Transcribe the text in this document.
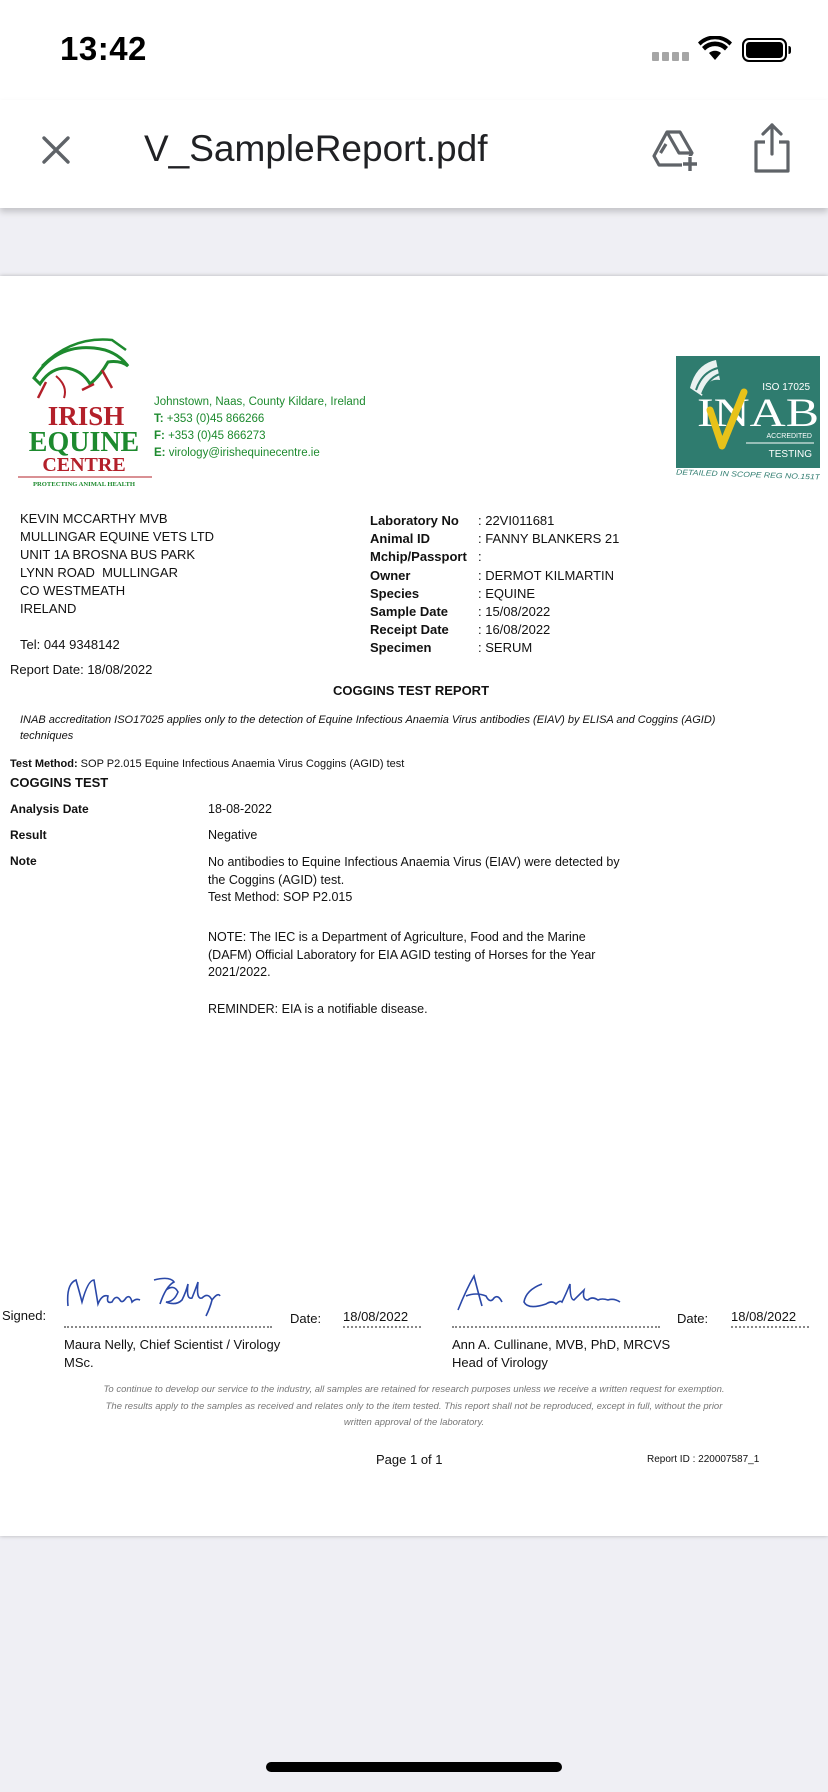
13:42
V_SampleReport.pdf
IRISH
EQUINE
CENTRE
PROTECTING ANIMAL HEALTH
Johnstown, Naas, County Kildare, Ireland
T: +353 (0)45 866266
F: +353 (0)45 866273
E: virology@irishequinecentre.ie
ISO 17025
INAB
ACCREDITED
TESTING
DETAILED IN SCOPE REG NO.151T
KEVIN MCCARTHY MVB
MULLINGAR EQUINE VETS LTD
UNIT 1A BROSNA BUS PARK
LYNN ROAD  MULLINGAR
CO WESTMEATH
IRELAND
Tel: 044 9348142
Report Date: 18/08/2022
Laboratory No	: 22VI011681
Animal ID	: FANNY BLANKERS 21
Mchip/Passport :
Owner	: DERMOT KILMARTIN
Species	: EQUINE
Sample Date	: 15/08/2022
Receipt Date	: 16/08/2022
Specimen	: SERUM
COGGINS TEST REPORT
INAB accreditation ISO17025 applies only to the detection of Equine Infectious Anaemia Virus antibodies (EIAV) by ELISA and Coggins (AGID) techniques
Test Method: SOP P2.015 Equine Infectious Anaemia Virus Coggins (AGID) test
COGGINS TEST
Analysis Date	18-08-2022
Result	Negative
Note	No antibodies to Equine Infectious Anaemia Virus (EIAV) were detected by
the Coggins (AGID) test.
Test Method: SOP P2.015
NOTE: The IEC is a Department of Agriculture, Food and the Marine
(DAFM) Official Laboratory for EIA AGID testing of Horses for the Year
2021/2022.
REMINDER: EIA is a notifiable disease.
Signed:	Date: 18/08/2022
Maura Nelly, Chief Scientist / Virology
MSc.
Date: 18/08/2022
Ann A. Cullinane, MVB, PhD, MRCVS
Head of Virology
To continue to develop our service to the industry, all samples are retained for research purposes unless we receive a written request for exemption.
The results apply to the samples as received and relates only to the item tested. This report shall not be reproduced, except in full, without the prior
written approval of the laboratory.
Page 1 of 1	Report ID : 220007587_1
